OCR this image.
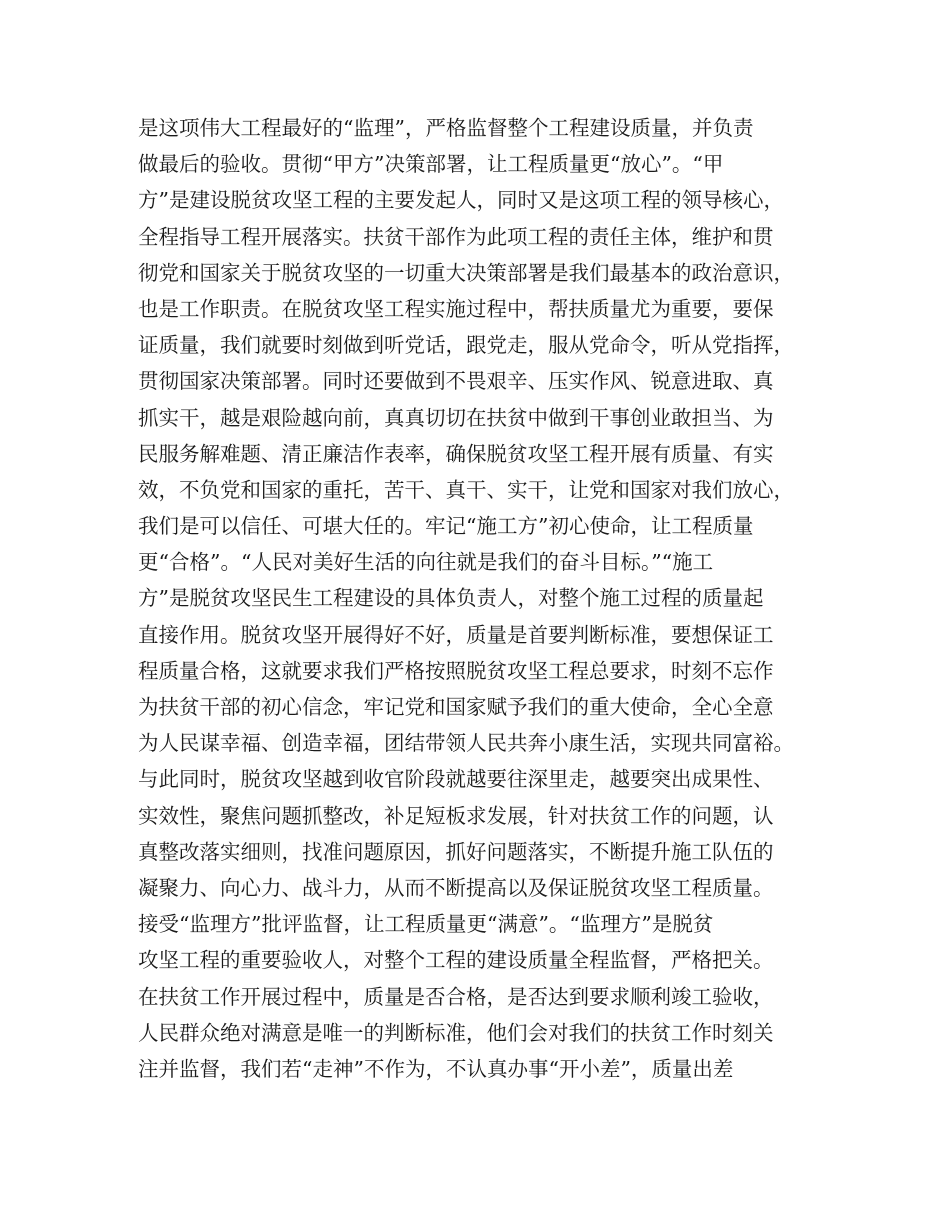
是这项伟大工程最好的“监理”，严格监督整个工程建设质量，并负责
做最后的验收。贯彻“甲方”决策部署，让工程质量更“放心”。“甲
方”是建设脱贫攻坚工程的主要发起人，同时又是这项工程的领导核心，
全程指导工程开展落实。扶贫干部作为此项工程的责任主体，维护和贯
彻党和国家关于脱贫攻坚的一切重大决策部署是我们最基本的政治意识，
也是工作职责。在脱贫攻坚工程实施过程中，帮扶质量尤为重要，要保
证质量，我们就要时刻做到听党话，跟党走，服从党命令，听从党指挥，
贯彻国家决策部署。同时还要做到不畏艰辛、压实作风、锐意进取、真
抓实干，越是艰险越向前，真真切切在扶贫中做到干事创业敢担当、为
民服务解难题、清正廉洁作表率，确保脱贫攻坚工程开展有质量、有实
效，不负党和国家的重托，苦干、真干、实干，让党和国家对我们放心，
我们是可以信任、可堪大任的。牢记“施工方”初心使命，让工程质量
更“合格”。“人民对美好生活的向往就是我们的奋斗目标。”“施工
方”是脱贫攻坚民生工程建设的具体负责人，对整个施工过程的质量起
直接作用。脱贫攻坚开展得好不好，质量是首要判断标准，要想保证工
程质量合格，这就要求我们严格按照脱贫攻坚工程总要求，时刻不忘作
为扶贫干部的初心信念，牢记党和国家赋予我们的重大使命，全心全意
为人民谋幸福、创造幸福，团结带领人民共奔小康生活，实现共同富裕。
与此同时，脱贫攻坚越到收官阶段就越要往深里走，越要突出成果性、
实效性，聚焦问题抓整改，补足短板求发展，针对扶贫工作的问题，认
真整改落实细则，找准问题原因，抓好问题落实，不断提升施工队伍的
凝聚力、向心力、战斗力，从而不断提高以及保证脱贫攻坚工程质量。
接受“监理方”批评监督，让工程质量更“满意”。“监理方”是脱贫
攻坚工程的重要验收人，对整个工程的建设质量全程监督，严格把关。
在扶贫工作开展过程中，质量是否合格，是否达到要求顺利竣工验收，
人民群众绝对满意是唯一的判断标准，他们会对我们的扶贫工作时刻关
注并监督，我们若“走神”不作为，不认真办事“开小差”，质量出差
